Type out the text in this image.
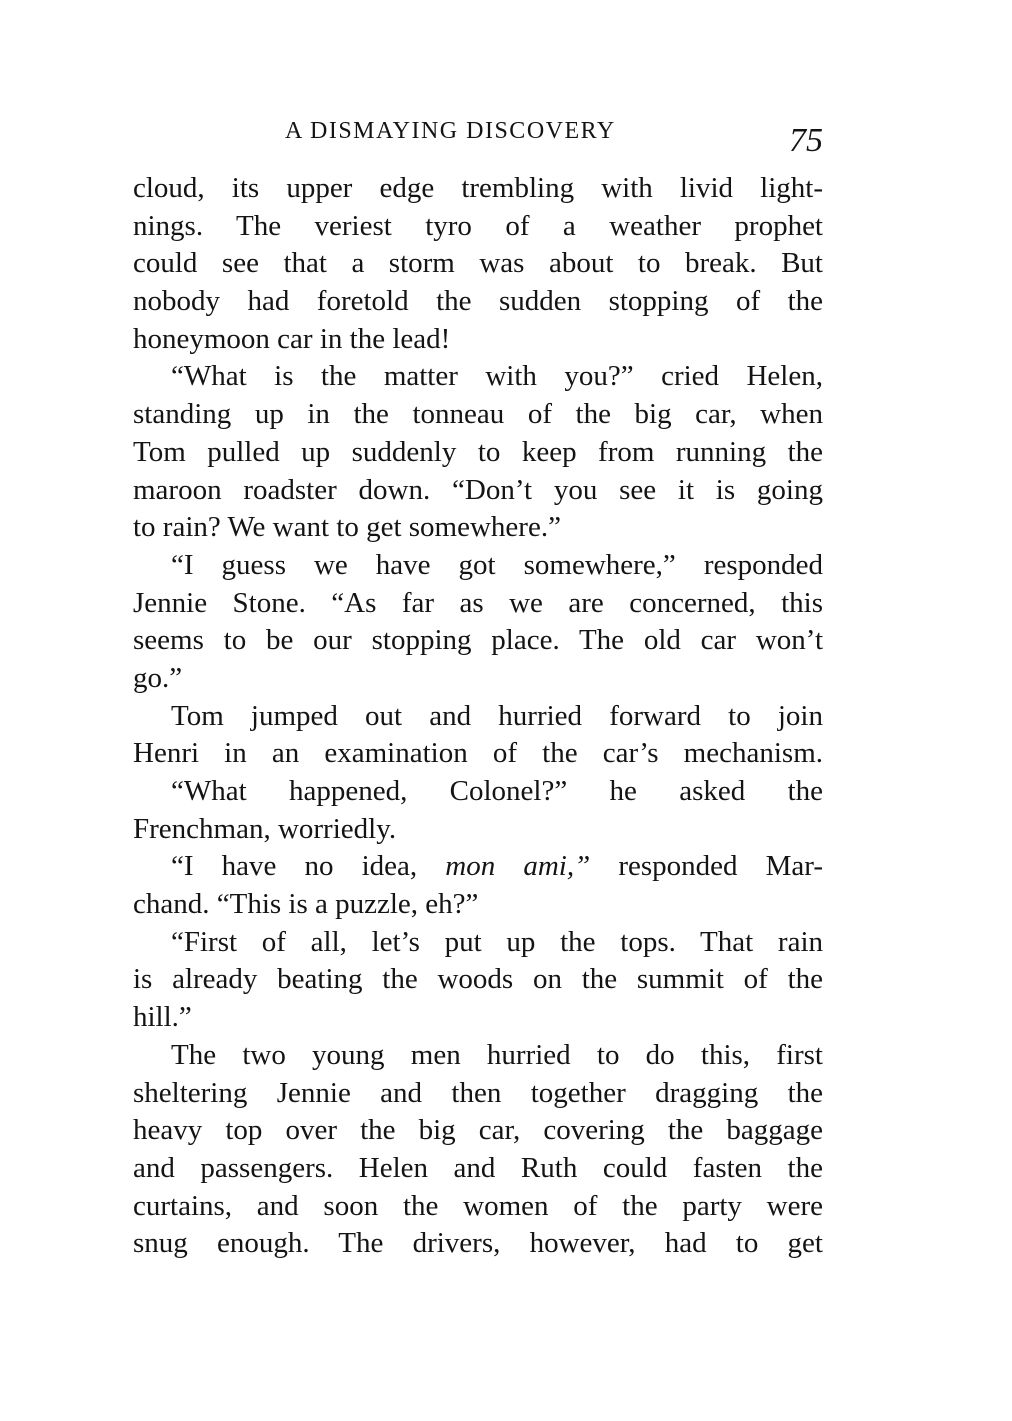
A DISMAYING DISCOVERY	75
cloud, its upper edge trembling with livid light-
nings. The veriest tyro of a weather prophet
could see that a storm was about to break. But
nobody had foretold the sudden stopping of the
honeymoon car in the lead!
“What is the matter with you?” cried Helen,
standing up in the tonneau of the big car, when
Tom pulled up suddenly to keep from running the
maroon roadster down. “Don’t you see it is going
to rain? We want to get somewhere.”
“I guess we have got somewhere,” responded
Jennie Stone. “As far as we are concerned, this
seems to be our stopping place. The old car won’t
go.”
Tom jumped out and hurried forward to join
Henri in an examination of the car’s mechanism.
“What happened, Colonel?” he asked the
Frenchman, worriedly.
“I have no idea, mon ami,” responded Mar-
chand. “This is a puzzle, eh?”
“First of all, let’s put up the tops. That rain
is already beating the woods on the summit of the
hill.”
The two young men hurried to do this, first
sheltering Jennie and then together dragging the
heavy top over the big car, covering the baggage
and passengers. Helen and Ruth could fasten the
curtains, and soon the women of the party were
snug enough. The drivers, however, had to get
